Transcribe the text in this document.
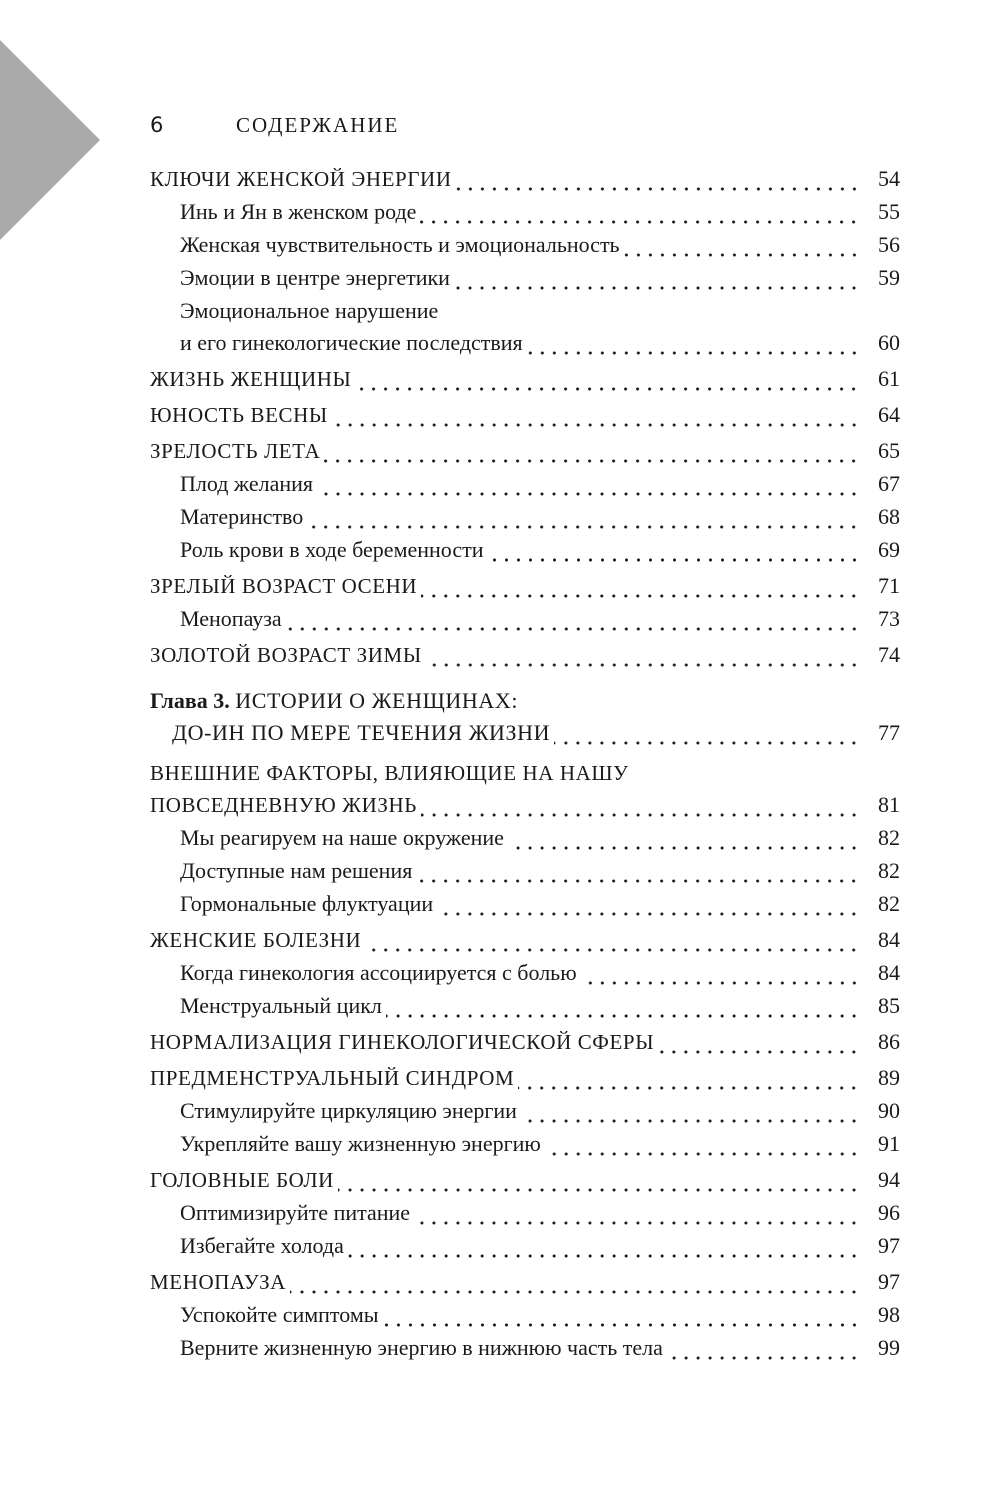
6	СОДЕРЖАНИЕ
КЛЮЧИ ЖЕНСКОЙ ЭНЕРГИИ	54
Инь и Ян в женском роде	55
Женская чувствительность и эмоциональность	56
Эмоции в центре энергетики	59
Эмоциональное нарушение
и его гинекологические последствия	60
ЖИЗНЬ ЖЕНЩИНЫ	61
ЮНОСТЬ ВЕСНЫ	64
ЗРЕЛОСТЬ ЛЕТА	65
Плод желания	67
Материнство	68
Роль крови в ходе беременности	69
ЗРЕЛЫЙ ВОЗРАСТ ОСЕНИ	71
Менопауза	73
ЗОЛОТОЙ ВОЗРАСТ ЗИМЫ	74
Глава 3. ИСТОРИИ О ЖЕНЩИНАХ:
ДО-ИН ПО МЕРЕ ТЕЧЕНИЯ ЖИЗНИ	77
ВНЕШНИЕ ФАКТОРЫ, ВЛИЯЮЩИЕ НА НАШУ
ПОВСЕДНЕВНУЮ ЖИЗНЬ	81
Мы реагируем на наше окружение	82
Доступные нам решения	82
Гормональные флуктуации	82
ЖЕНСКИЕ БОЛЕЗНИ	84
Когда гинекология ассоциируется с болью	84
Менструальный цикл	85
НОРМАЛИЗАЦИЯ ГИНЕКОЛОГИЧЕСКОЙ СФЕРЫ	86
ПРЕДМЕНСТРУАЛЬНЫЙ СИНДРОМ	89
Стимулируйте циркуляцию энергии	90
Укрепляйте вашу жизненную энергию	91
ГОЛОВНЫЕ БОЛИ	94
Оптимизируйте питание	96
Избегайте холода	97
МЕНОПАУЗА	97
Успокойте симптомы	98
Верните жизненную энергию в нижнюю часть тела	99
